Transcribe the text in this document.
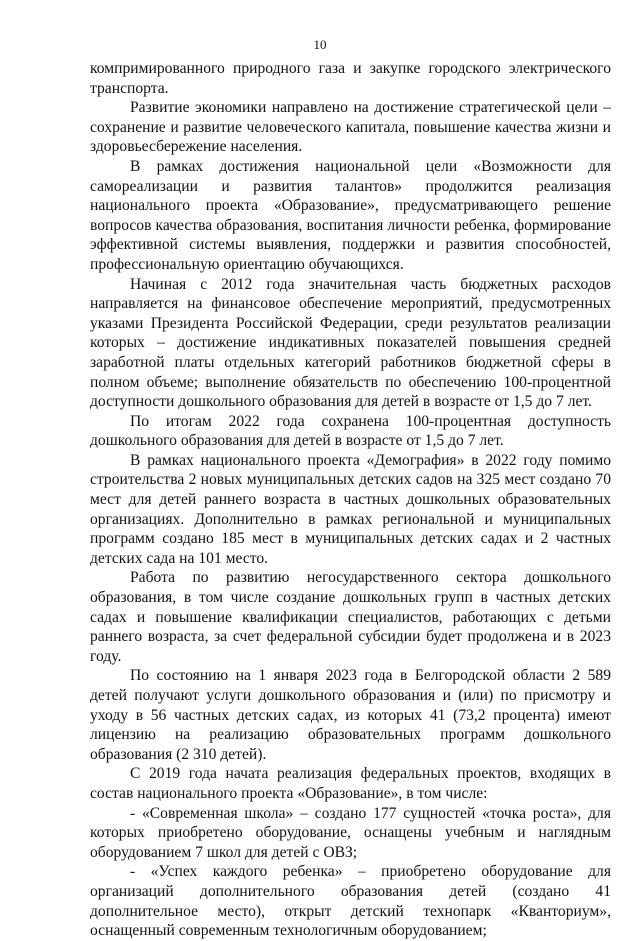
10

компримированного природного газа и закупке городского электрического транспорта.

Развитие экономики направлено на достижение стратегической цели – сохранение и развитие человеческого капитала, повышение качества жизни и здоровьесбережение населения.

В рамках достижения национальной цели «Возможности для самореализации и развития талантов» продолжится реализация национального проекта «Образование», предусматривающего решение вопросов качества образования, воспитания личности ребенка, формирование эффективной системы выявления, поддержки и развития способностей, профессиональную ориентацию обучающихся.

Начиная с 2012 года значительная часть бюджетных расходов направляется на финансовое обеспечение мероприятий, предусмотренных указами Президента Российской Федерации, среди результатов реализации которых – достижение индикативных показателей повышения средней заработной платы отдельных категорий работников бюджетной сферы в полном объеме; выполнение обязательств по обеспечению 100-процентной доступности дошкольного образования для детей в возрасте от 1,5 до 7 лет.

По итогам 2022 года сохранена 100-процентная доступность дошкольного образования для детей в возрасте от 1,5 до 7 лет.

В рамках национального проекта «Демография» в 2022 году помимо строительства 2 новых муниципальных детских садов на 325 мест создано 70 мест для детей раннего возраста в частных дошкольных образовательных организациях. Дополнительно в рамках региональной и муниципальных программ создано 185 мест в муниципальных детских садах и 2 частных детских сада на 101 место.

Работа по развитию негосударственного сектора дошкольного образования, в том числе создание дошкольных групп в частных детских садах и повышение квалификации специалистов, работающих с детьми раннего возраста, за счет федеральной субсидии будет продолжена и в 2023 году.

По состоянию на 1 января 2023 года в Белгородской области 2 589 детей получают услуги дошкольного образования и (или) по присмотру и уходу в 56 частных детских садах, из которых 41 (73,2 процента) имеют лицензию на реализацию образовательных программ дошкольного образования (2 310 детей).

С 2019 года начата реализация федеральных проектов, входящих в состав национального проекта «Образование», в том числе:

- «Современная школа» – создано 177 сущностей «точка роста», для которых приобретено оборудование, оснащены учебным и наглядным оборудованием 7 школ для детей с ОВЗ;

- «Успех каждого ребенка» – приобретено оборудование для организаций дополнительного образования детей (создано 41 дополнительное место), открыт детский технопарк «Кванториум», оснащенный современным технологичным оборудованием;
